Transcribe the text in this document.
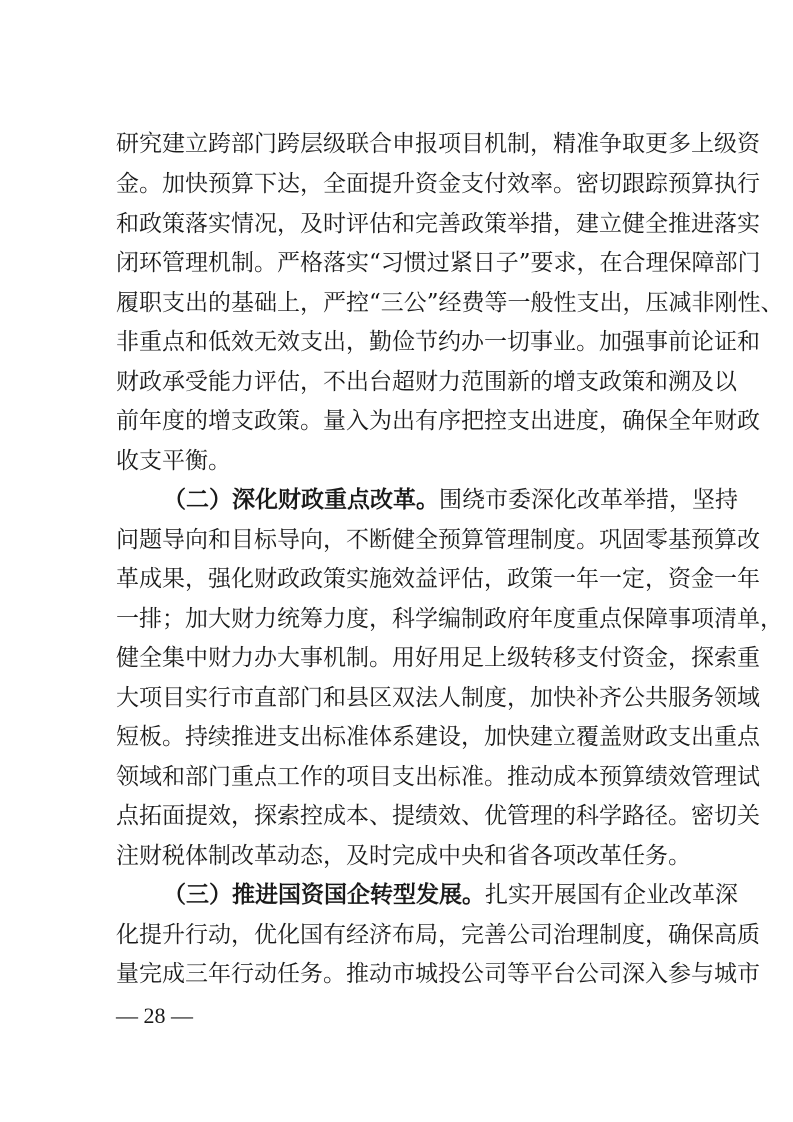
研究建立跨部门跨层级联合申报项目机制，精准争取更多上级资
金。加快预算下达，全面提升资金支付效率。密切跟踪预算执行
和政策落实情况，及时评估和完善政策举措，建立健全推进落实
闭环管理机制。严格落实“习惯过紧日子”要求，在合理保障部门
履职支出的基础上，严控“三公”经费等一般性支出，压减非刚性、
非重点和低效无效支出，勤俭节约办一切事业。加强事前论证和
财政承受能力评估，不出台超财力范围新的增支政策和溯及以
前年度的增支政策。量入为出有序把控支出进度，确保全年财政
收支平衡。
（二）深化财政重点改革。围绕市委深化改革举措，坚持
问题导向和目标导向，不断健全预算管理制度。巩固零基预算改
革成果，强化财政政策实施效益评估，政策一年一定，资金一年
一排；加大财力统筹力度，科学编制政府年度重点保障事项清单，
健全集中财力办大事机制。用好用足上级转移支付资金，探索重
大项目实行市直部门和县区双法人制度，加快补齐公共服务领域
短板。持续推进支出标准体系建设，加快建立覆盖财政支出重点
领域和部门重点工作的项目支出标准。推动成本预算绩效管理试
点拓面提效，探索控成本、提绩效、优管理的科学路径。密切关
注财税体制改革动态，及时完成中央和省各项改革任务。
（三）推进国资国企转型发展。扎实开展国有企业改革深
化提升行动，优化国有经济布局，完善公司治理制度，确保高质
量完成三年行动任务。推动市城投公司等平台公司深入参与城市
— 28 —
